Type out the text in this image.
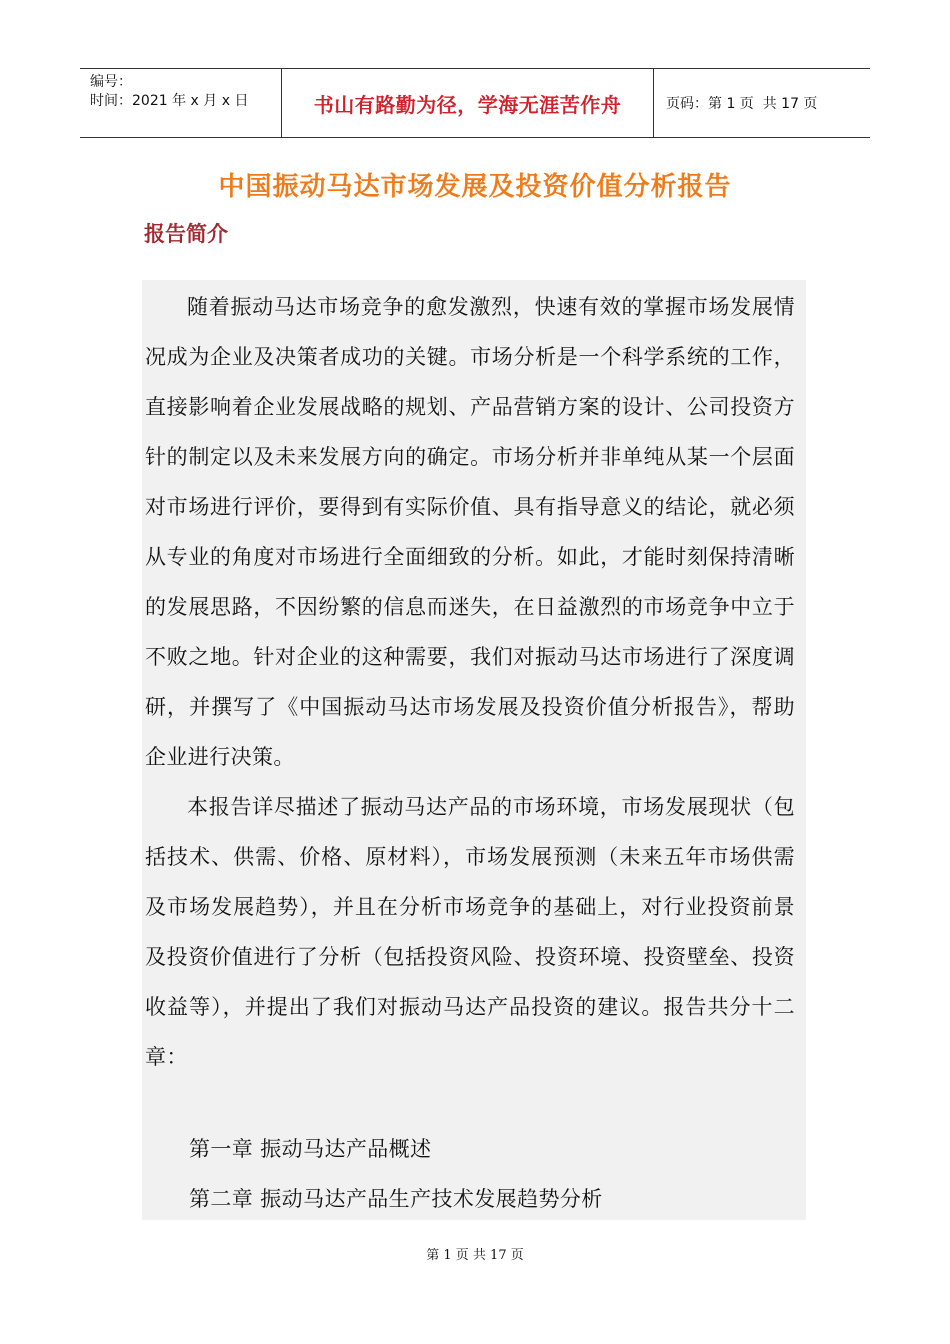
编号：
时间：2021 年 x 月 x 日	书山有路勤为径，学海无涯苦作舟	页码：第 1 页  共 17 页
中国振动马达市场发展及投资价值分析报告
报告简介
随着振动马达市场竞争的愈发激烈，快速有效的掌握市场发展情况成为企业及决策者成功的关键。市场分析是一个科学系统的工作，直接影响着企业发展战略的规划、产品营销方案的设计、公司投资方针的制定以及未来发展方向的确定。市场分析并非单纯从某一个层面对市场进行评价，要得到有实际价值、具有指导意义的结论，就必须从专业的角度对市场进行全面细致的分析。如此，才能时刻保持清晰的发展思路，不因纷繁的信息而迷失，在日益激烈的市场竞争中立于不败之地。针对企业的这种需要，我们对振动马达市场进行了深度调研，并撰写了《中国振动马达市场发展及投资价值分析报告》，帮助企业进行决策。
本报告详尽描述了振动马达产品的市场环境，市场发展现状（包括技术、供需、价格、原材料），市场发展预测（未来五年市场供需及市场发展趋势），并且在分析市场竞争的基础上，对行业投资前景及投资价值进行了分析（包括投资风险、投资环境、投资壁垒、投资收益等），并提出了我们对振动马达产品投资的建议。报告共分十二章：
第一章 振动马达产品概述
第二章 振动马达产品生产技术发展趋势分析
第 1 页 共 17 页
